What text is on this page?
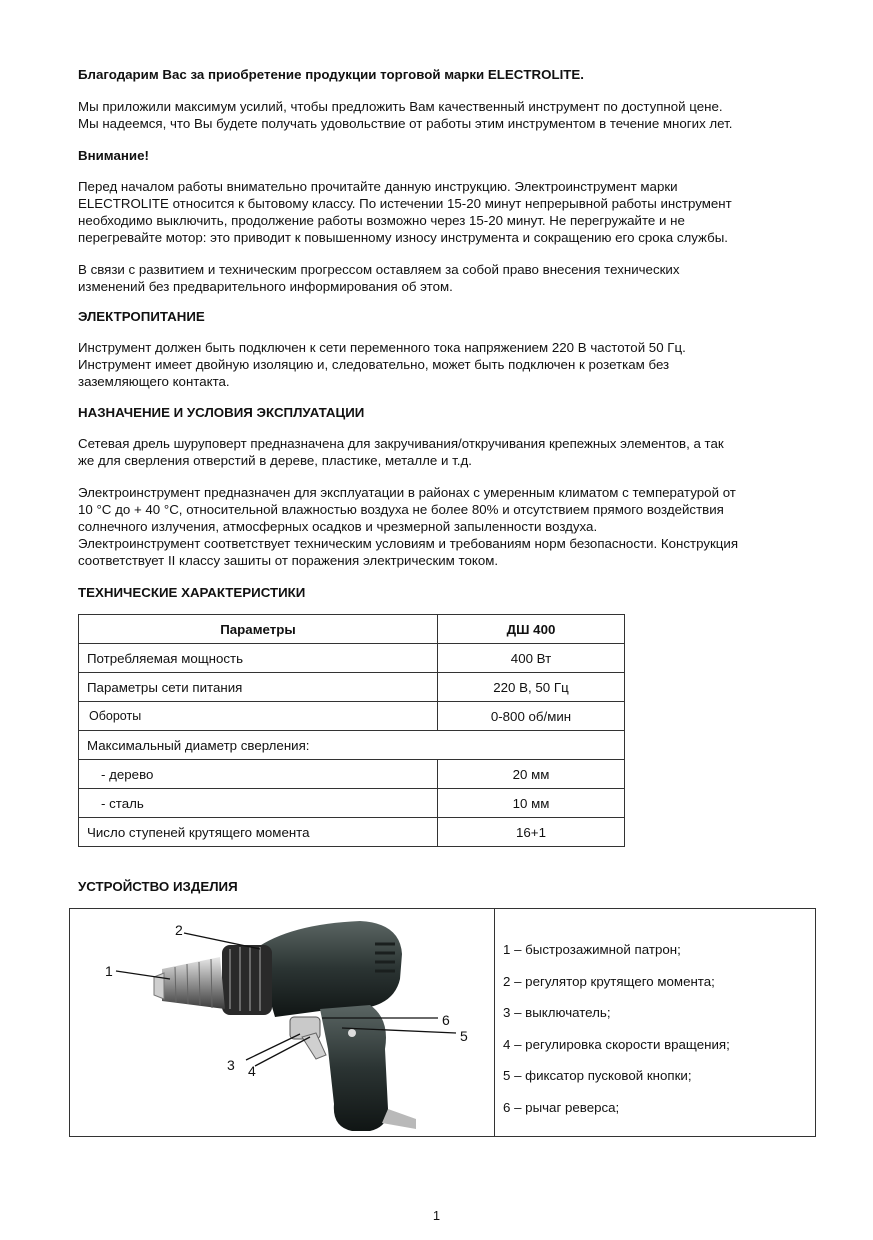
Благодарим Вас за приобретение продукции торговой марки ELECTROLITE.

Мы приложили максимум усилий, чтобы предложить Вам качественный инструмент по доступной цене.

Мы надеемся, что Вы будете получать удовольствие от работы этим инструментом в течение многих лет.

Внимание!

Перед началом работы внимательно прочитайте данную инструкцию. Электроинструмент марки

ELECTROLITE относится к бытовому классу. По истечении 15-20 минут непрерывной работы инструмент

необходимо выключить, продолжение работы возможно через 15-20 минут. Не перегружайте и не

перегревайте мотор: это приводит к повышенному износу инструмента и сокращению его срока службы.

В связи с развитием и техническим прогрессом оставляем за собой право внесения технических

изменений без предварительного информирования об этом.

ЭЛЕКТРОПИТАНИЕ

Инструмент должен быть подключен к сети переменного тока напряжением 220 В частотой 50 Гц.

Инструмент имеет двойную изоляцию и, следовательно, может быть подключен к розеткам без

заземляющего контакта.

НАЗНАЧЕНИЕ И УСЛОВИЯ ЭКСПЛУАТАЦИИ

Сетевая дрель шуруповерт предназначена для закручивания/откручивания крепежных элементов, а так

же для сверления отверстий в дереве, пластике, металле и т.д.

Электроинструмент предназначен для эксплуатации в районах с умеренным климатом с температурой от

10 °С до + 40 °С, относительной влажностью воздуха не более 80% и отсутствием прямого воздействия

солнечного излучения, атмосферных осадков и чрезмерной запыленности воздуха.

Электроинструмент соответствует техническим условиям и требованиям норм безопасности. Конструкция

соответствует II классу зашиты от поражения электрическим током.

ТЕХНИЧЕСКИЕ ХАРАКТЕРИСТИКИ

УСТРОЙСТВО ИЗДЕЛИЯ

Параметры	ДШ 400
Потребляемая мощность	400 Вт
Параметры сети питания	220 В, 50 Гц
Обороты	0-800 об/мин
Максимальный диаметр сверления:	
- дерево	20 мм
- сталь	10 мм
Число ступеней крутящего момента	16+1
1
2
3 4
5
6
1 – быстрозажимной патрон;
2 – регулятор крутящего момента;
3 – выключатель;
4 – регулировка скорости вращения;
5 – фиксатор пусковой кнопки;
6 – рычаг реверса;
1
